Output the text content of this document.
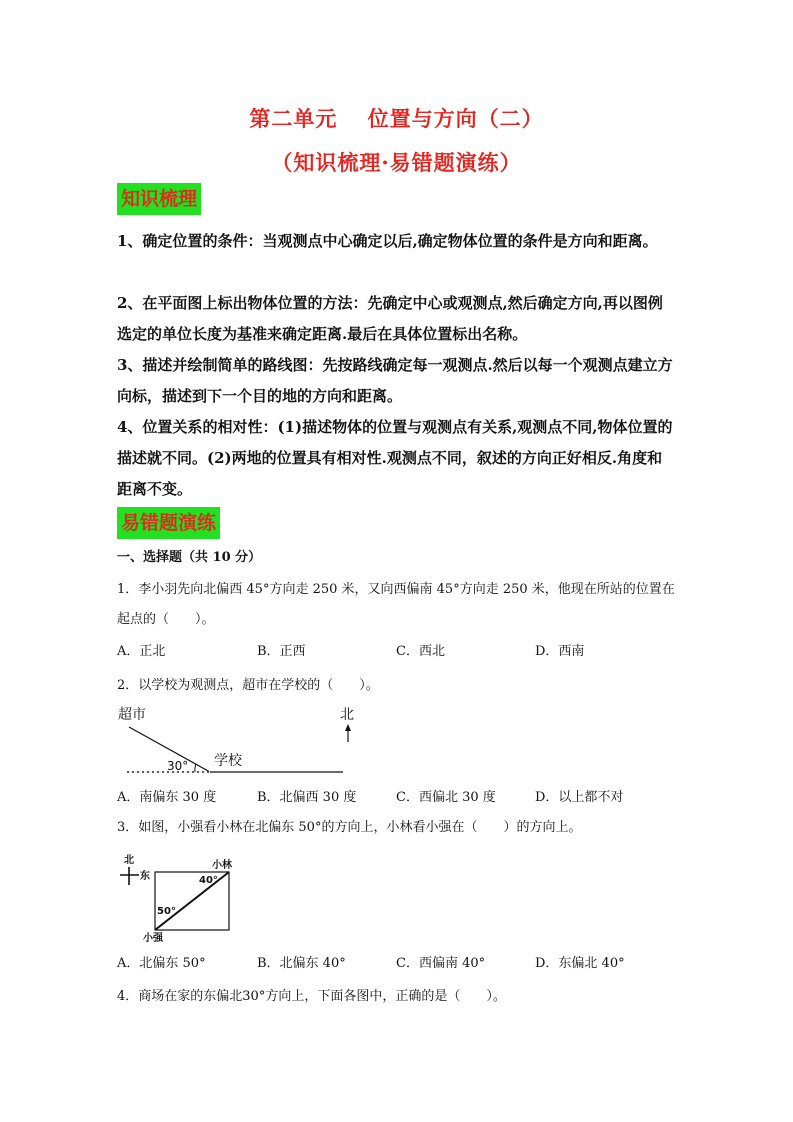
第二单元　 位置与方向（二）
（知识梳理·易错题演练）
知识梳理
1、确定位置的条件：当观测点中心确定以后,确定物体位置的条件是方向和距离。
2、在平面图上标出物体位置的方法：先确定中心或观测点,然后确定方向,再以图例选定的单位长度为基准来确定距离.最后在具体位置标出名称。
3、描述并绘制简单的路线图：先按路线确定每一观测点.然后以每一个观测点建立方向标，描述到下一个目的地的方向和距离。
4、位置关系的相对性：(1)描述物体的位置与观测点有关系,观测点不同,物体位置的描述就不同。(2)两地的位置具有相对性.观测点不同，叙述的方向正好相反.角度和距离不变。
易错题演练
一、选择题（共 10 分）
1．李小羽先向北偏西 45°方向走 250 米，又向西偏南 45°方向走 250 米，他现在所站的位置在起点的（　　）。
A．正北	B．正西	C．西北	D．西南
2．以学校为观测点，超市在学校的（　　）。
超市
30° 学校
北
A．南偏东 30 度	B．北偏西 30 度	C．西偏北 30 度	D．以上都不对
3．如图，小强看小林在北偏东 50°的方向上，小林看小强在（　　）的方向上。
北
东
小林
40°
50°
小强
A．北偏东 50°	B．北偏东 40°	C．西偏南 40°	D．东偏北 40°
4．商场在家的东偏北30°方向上，下面各图中，正确的是（　　）。
